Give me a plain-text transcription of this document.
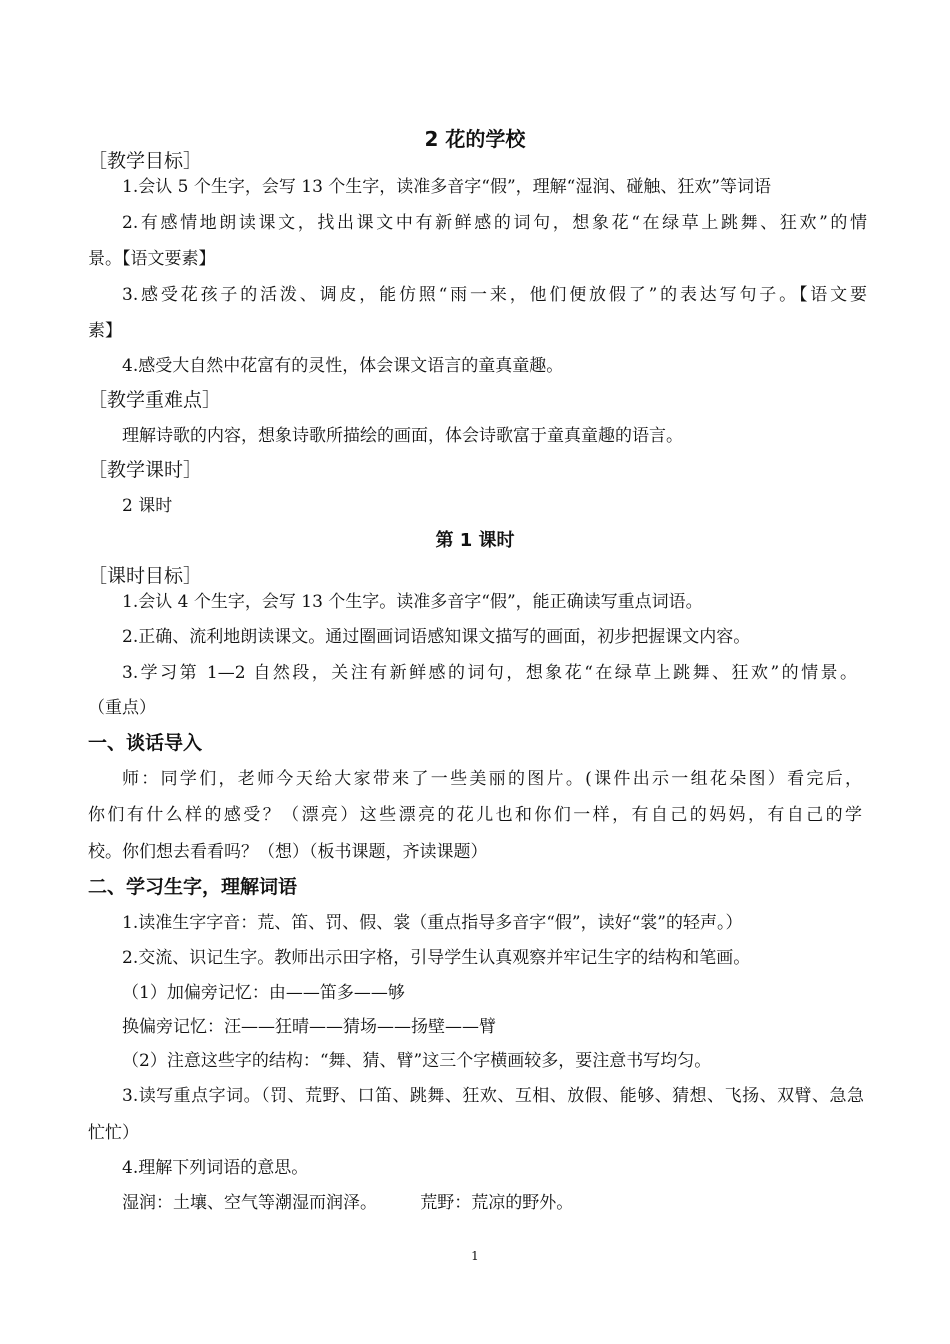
2 花的学校
［教学目标］
1.会认 5 个生字，会写 13 个生字，读准多音字“假”，理解“湿润、碰触、狂欢”等词语
2.有感情地朗读课文，找出课文中有新鲜感的词句，想象花“在绿草上跳舞、狂欢”的情
景。【语文要素】
3.感受花孩子的活泼、调皮，能仿照“雨一来，他们便放假了”的表达写句子。【语文要
素】
4.感受大自然中花富有的灵性，体会课文语言的童真童趣。
［教学重难点］
理解诗歌的内容，想象诗歌所描绘的画面，体会诗歌富于童真童趣的语言。
［教学课时］
2 课时
第 1 课时
［课时目标］
1.会认 4 个生字，会写 13 个生字。读准多音字“假”，能正确读写重点词语。
2.正确、流利地朗读课文。通过圈画词语感知课文描写的画面，初步把握课文内容。
3.学习第 1—2 自然段，关注有新鲜感的词句，想象花“在绿草上跳舞、狂欢”的情景。
（重点）
一、谈话导入
师：同学们，老师今天给大家带来了一些美丽的图片。(课件出示一组花朵图）看完后，
你们有什么样的感受？（漂亮）这些漂亮的花儿也和你们一样，有自己的妈妈，有自己的学
校。你们想去看看吗？（想）（板书课题，齐读课题）
二、学习生字，理解词语
1.读准生字字音：荒、笛、罚、假、裳（重点指导多音字“假”，读好“裳”的轻声。）
2.交流、识记生字。教师出示田字格，引导学生认真观察并牢记生字的结构和笔画。
（1）加偏旁记忆：由——笛多——够
换偏旁记忆：汪——狂晴——猜场——扬壁——臂
（2）注意这些字的结构：“舞、猜、臂”这三个字横画较多，要注意书写均匀。
3.读写重点字词。（罚、荒野、口笛、跳舞、狂欢、互相、放假、能够、猜想、飞扬、双臂、急急
忙忙）
4.理解下列词语的意思。
湿润：土壤、空气等潮湿而润泽。        荒野：荒凉的野外。
1
